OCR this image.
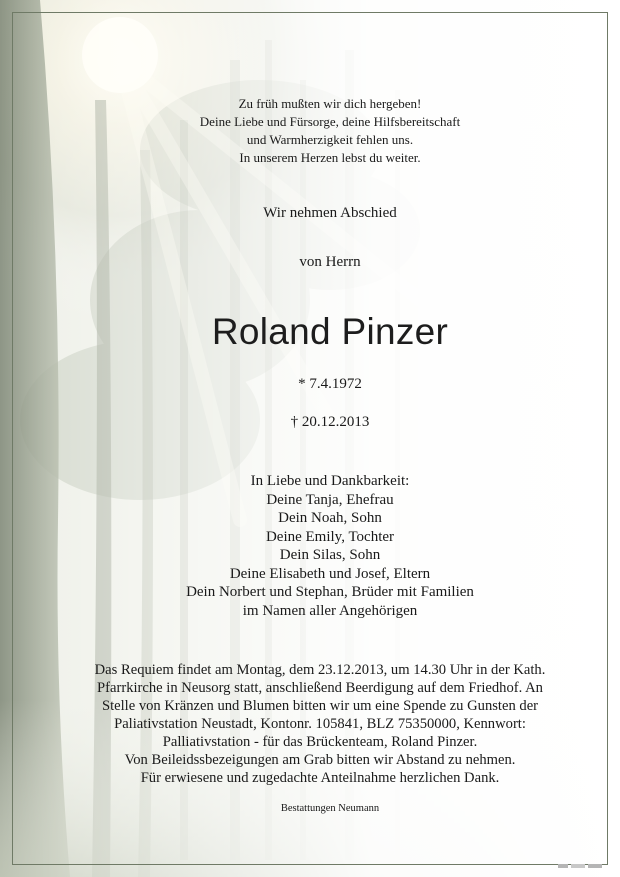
Zu früh mußten wir dich hergeben!
Deine Liebe und Fürsorge, deine Hilfsbereitschaft
und Warmherzigkeit fehlen uns.
In unserem Herzen lebst du weiter.
Wir nehmen Abschied
von Herrn
Roland Pinzer
* 7.4.1972
† 20.12.2013
In Liebe und Dankbarkeit:
Deine Tanja, Ehefrau
Dein Noah, Sohn
Deine Emily, Tochter
Dein Silas, Sohn
Deine Elisabeth und Josef, Eltern
Dein Norbert und Stephan, Brüder mit Familien
im Namen aller Angehörigen
Das Requiem findet am Montag, dem 23.12.2013, um 14.30 Uhr in der Kath.
Pfarrkirche in Neusorg statt, anschließend Beerdigung auf dem Friedhof. An
Stelle von Kränzen und Blumen bitten wir um eine Spende zu Gunsten der
Paliativstation Neustadt, Kontonr. 105841, BLZ 75350000, Kennwort:
Palliativstation - für das Brückenteam, Roland Pinzer.
Von Beileidssbezeigungen am Grab bitten wir Abstand zu nehmen.
Für erwiesene und zugedachte Anteilnahme herzlichen Dank.
Bestattungen Neumann
